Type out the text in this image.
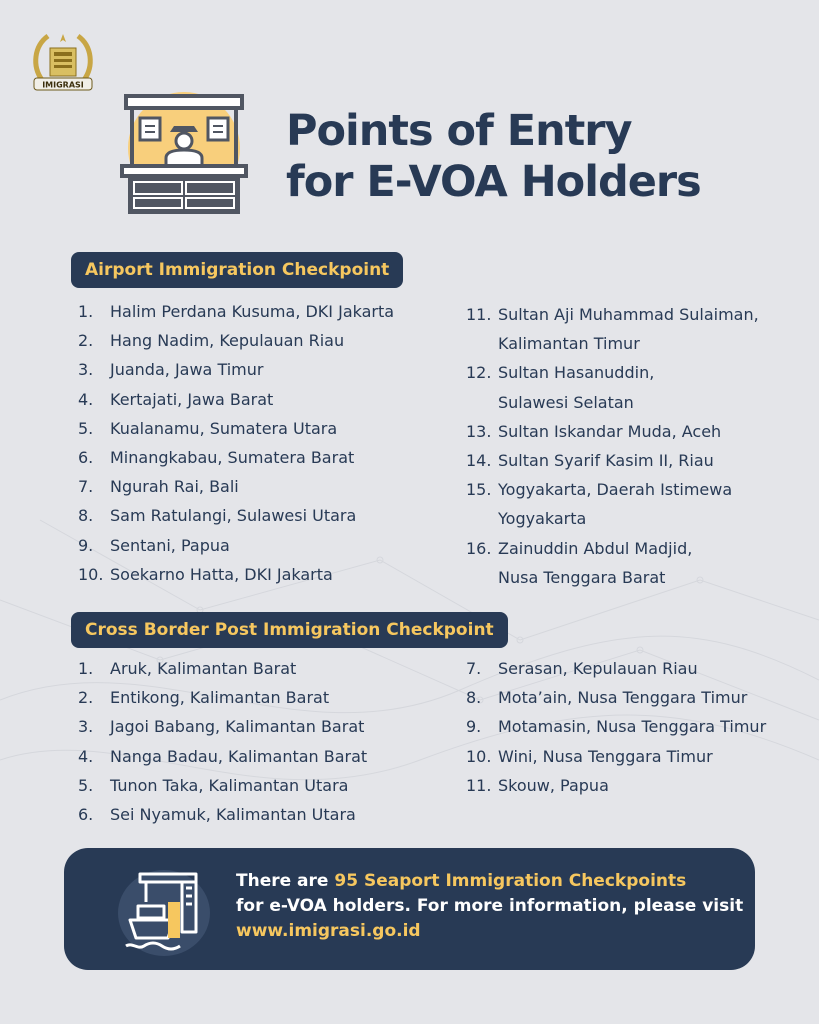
IMIGRASI
Points of Entry
for E-VOA Holders
Airport Immigration Checkpoint
1. Halim Perdana Kusuma, DKI Jakarta
2. Hang Nadim, Kepulauan Riau
3. Juanda, Jawa Timur
4. Kertajati, Jawa Barat
5. Kualanamu, Sumatera Utara
6. Minangkabau, Sumatera Barat
7. Ngurah Rai, Bali
8. Sam Ratulangi, Sulawesi Utara
9. Sentani, Papua
10. Soekarno Hatta, DKI Jakarta
11. Sultan Aji Muhammad Sulaiman,
Kalimantan Timur
12. Sultan Hasanuddin,
Sulawesi Selatan
13. Sultan Iskandar Muda, Aceh
14. Sultan Syarif Kasim II, Riau
15. Yogyakarta, Daerah Istimewa
Yogyakarta
16. Zainuddin Abdul Madjid,
Nusa Tenggara Barat
Cross Border Post Immigration Checkpoint
1. Aruk, Kalimantan Barat
2. Entikong, Kalimantan Barat
3. Jagoi Babang, Kalimantan Barat
4. Nanga Badau, Kalimantan Barat
5. Tunon Taka, Kalimantan Utara
6. Sei Nyamuk, Kalimantan Utara
7. Serasan, Kepulauan Riau
8. Mota’ain, Nusa Tenggara Timur
9. Motamasin, Nusa Tenggara Timur
10. Wini, Nusa Tenggara Timur
11. Skouw, Papua
There are 95 Seaport Immigration Checkpoints
for e-VOA holders. For more information, please visit
www.imigrasi.go.id
